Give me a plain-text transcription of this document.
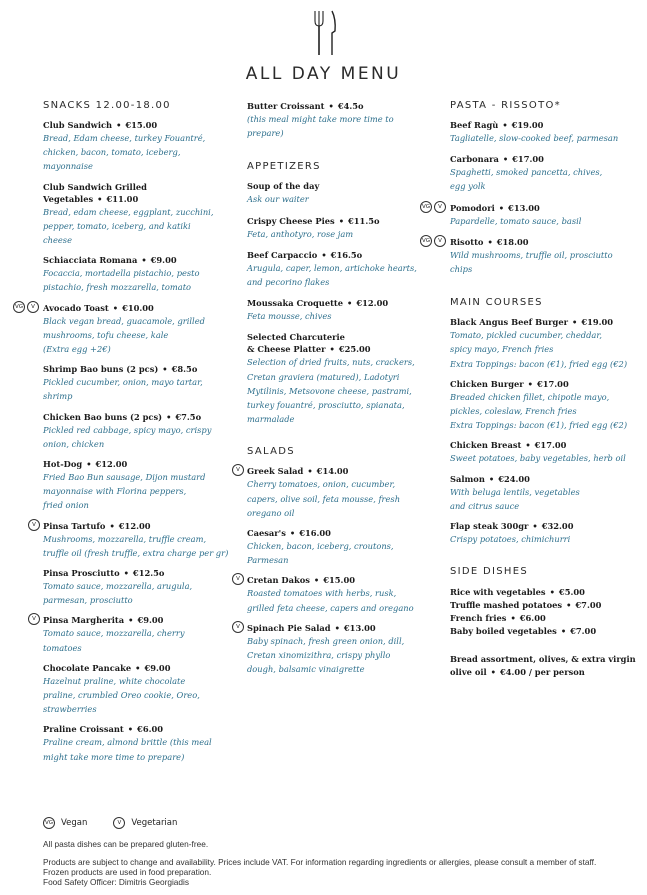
ALL DAY MENU
SNACKS 12.00-18.00
Club Sandwich • €15.00
Bread, Edam cheese, turkey Fouantré,
chicken, bacon, tomato, iceberg,
mayonnaise
Club Sandwich Grilled Vegetables • €11.00
Bread, edam cheese, eggplant, zucchini,
pepper, tomato, iceberg, and katiki
cheese
Schiacciata Romana • €9.00
Focaccia, mortadella pistachio, pesto
pistachio, fresh mozzarella, tomato
VG	V Avocado Toast • €10.00
Black vegan bread, guacamole, grilled
mushrooms, tofu cheese, kale
(Extra egg +2€)
Shrimp Bao buns (2 pcs) • €8.5o
Pickled cucumber, onion, mayo tartar,
shrimp
Chicken Bao buns (2 pcs) • €7.5o
Pickled red cabbage, spicy mayo, crispy
onion, chicken
Hot-Dog • €12.00
Fried Bao Bun sausage, Dijon mustard
mayonnaise with Florina peppers,
fried onion
V Pinsa Tartufo • €12.00
Mushrooms, mozzarella, truffle cream,
truffle oil (fresh truffle, extra charge per gr)
Pinsa Prosciutto • €12.5o
Tomato sauce, mozzarella, arugula,
parmesan, prosciutto
V Pinsa Margherita • €9.00
Tomato sauce, mozzarella, cherry
tomatoes
Chocolate Pancake • €9.00
Hazelnut praline, white chocolate
praline, crumbled Oreo cookie, Oreo,
strawberries
Praline Croissant • €6.00
Praline cream, almond brittle (this meal
might take more time to prepare)
Butter Croissant • €4.5o
(this meal might take more time to
prepare)
APPETIZERS
Soup of the day
Ask our waiter
Crispy Cheese Pies • €11.5o
Feta, anthotyro, rose jam
Beef Carpaccio • €16.5o
Arugula, caper, lemon, artichoke hearts,
and pecorino flakes
Moussaka Croquette • €12.00
Feta mousse, chives
Selected Charcuterie
& Cheese Platter • €25.00
Selection of dried fruits, nuts, crackers,
Cretan graviera (matured), Ladotyri
Mytilinis, Metsovone cheese, pastrami,
turkey fouantré, prosciutto, spianata,
marmalade
SALADS
V Greek Salad • €14.00
Cherry tomatoes, onion, cucumber,
capers, olive soil, feta mousse, fresh
oregano oil
Caesar's • €16.00
Chicken, bacon, iceberg, croutons,
Parmesan
V Cretan Dakos • €15.00
Roasted tomatoes with herbs, rusk,
grilled feta cheese, capers and oregano
V Spinach Pie Salad • €13.00
Baby spinach, fresh green onion, dill,
Cretan xinomizithra, crispy phyllo
dough, balsamic vinaigrette
PASTA - RISSOTO*
Beef Ragù • €19.00
Tagliatelle, slow-cooked beef, parmesan
Carbonara • €17.00
Spaghetti, smoked pancetta, chives,
egg yolk
VG	V Pomodori • €13.00
Papardelle, tomato sauce, basil
VG	V Risotto • €18.00
Wild mushrooms, truffle oil, prosciutto
chips
MAIN COURSES
Black Angus Beef Burger • €19.00
Tomato, pickled cucumber, cheddar,
spicy mayo, French fries
Extra Toppings: bacon (€1), fried egg (€2)
Chicken Burger • €17.00
Breaded chicken fillet, chipotle mayo,
pickles, coleslaw, French fries
Extra Toppings: bacon (€1), fried egg (€2)
Chicken Breast • €17.00
Sweet potatoes, baby vegetables, herb oil
Salmon • €24.00
With beluga lentils, vegetables
and citrus sauce
Flap steak 300gr • €32.00
Crispy potatoes, chimichurri
SIDE DISHES
Rice with vegetables • €5.00
Truffle mashed potatoes • €7.00
French fries • €6.00
Baby boiled vegetables • €7.00
Bread assortment, olives, & extra virgin
olive oil • €4.00 / per person
VG Vegan	V	Vegetarian
All pasta dishes can be prepared gluten-free.
Products are subject to change and availability. Prices include VAT. For information regarding ingredients or allergies, please consult a member of staff.
Frozen products are used in food preparation.
Food Safety Officer: Dimitris Georgiadis
